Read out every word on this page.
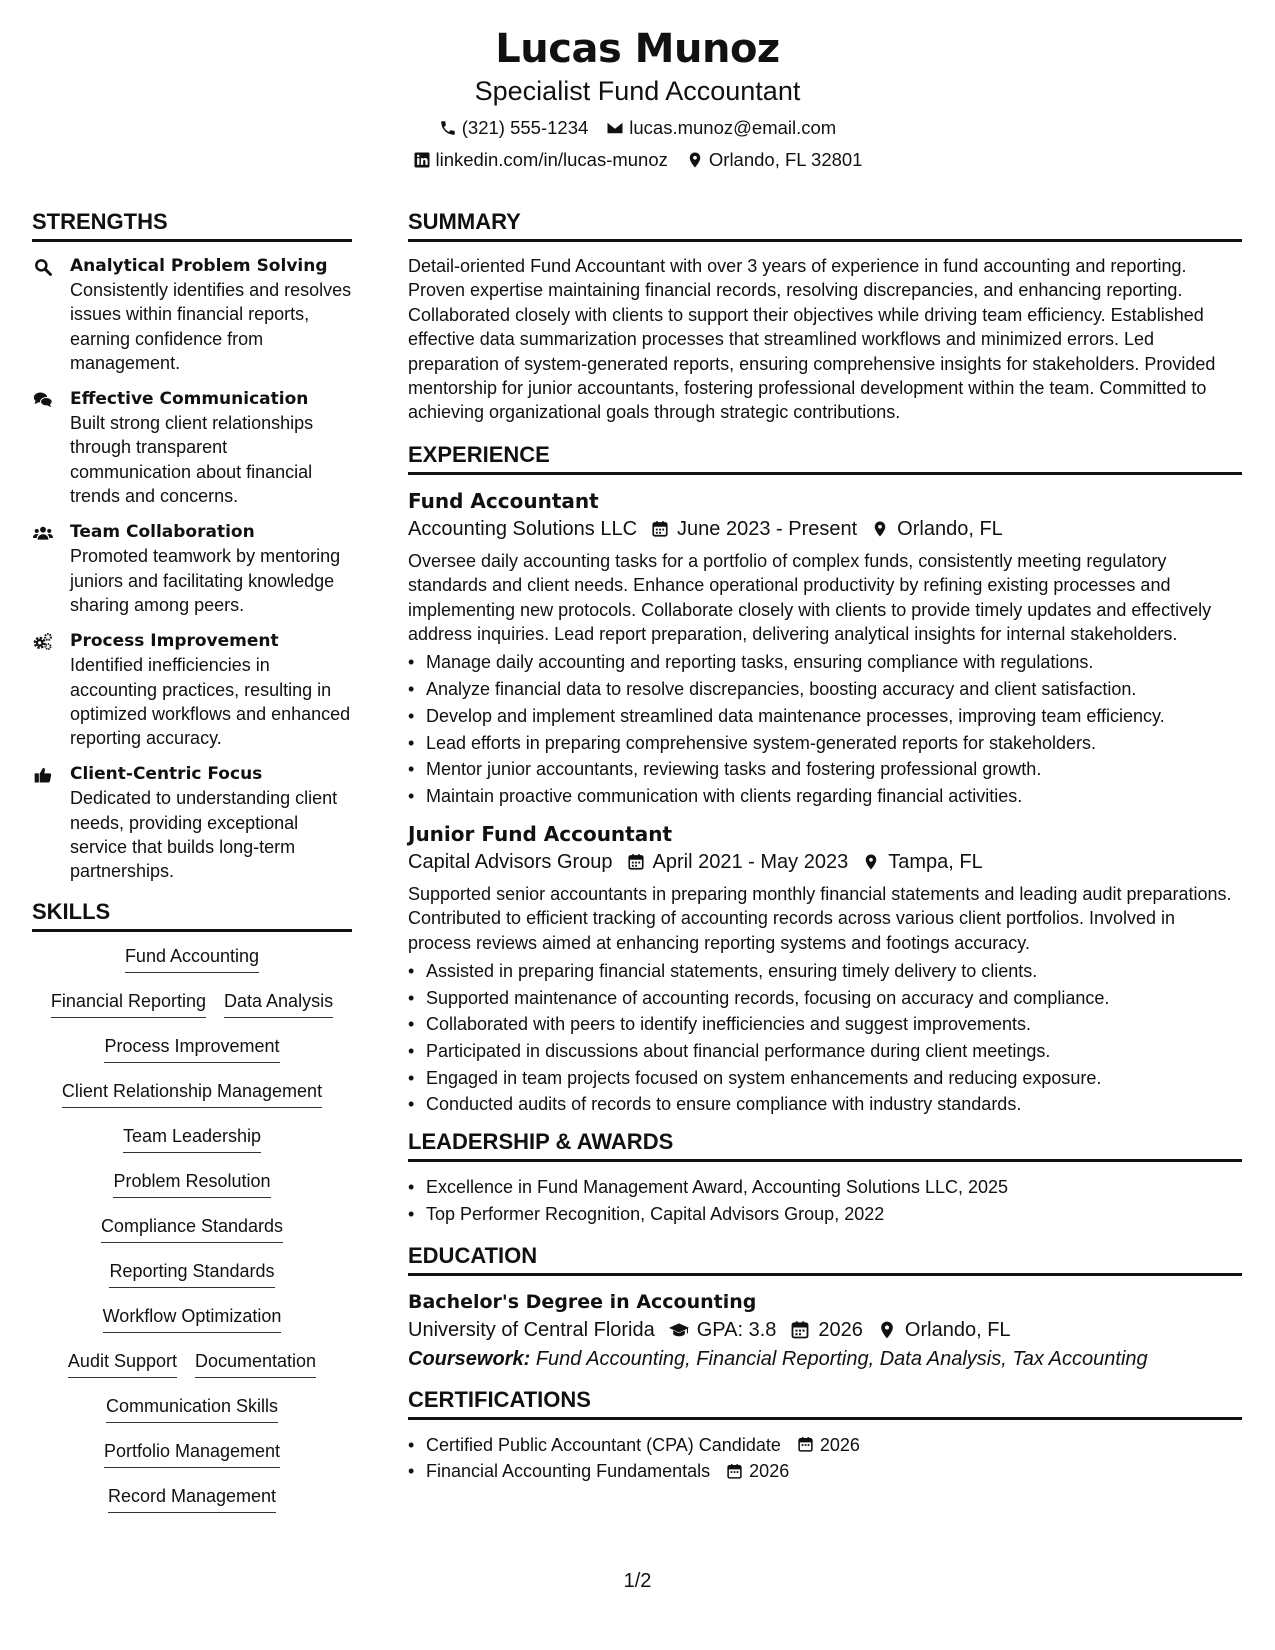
Lucas Munoz
Specialist Fund Accountant
(321) 555-1234 lucas.munoz@email.com
linkedin.com/in/lucas-munoz Orlando, FL 32801
STRENGTHS
Analytical Problem Solving
Consistently identifies and resolves issues within financial reports, earning confidence from management.
Effective Communication
Built strong client relationships through transparent communication about financial trends and concerns.
Team Collaboration
Promoted teamwork by mentoring juniors and facilitating knowledge sharing among peers.
Process Improvement
Identified inefficiencies in accounting practices, resulting in optimized workflows and enhanced reporting accuracy.
Client-Centric Focus
Dedicated to understanding client needs, providing exceptional service that builds long-term partnerships.
SKILLS
Fund Accounting
Financial Reporting Data Analysis
Process Improvement
Client Relationship Management
Team Leadership
Problem Resolution
Compliance Standards
Reporting Standards
Workflow Optimization
Audit Support Documentation
Communication Skills
Portfolio Management
Record Management
SUMMARY
Detail-oriented Fund Accountant with over 3 years of experience in fund accounting and reporting. Proven expertise maintaining financial records, resolving discrepancies, and enhancing reporting. Collaborated closely with clients to support their objectives while driving team efficiency. Established effective data summarization processes that streamlined workflows and minimized errors. Led preparation of system-generated reports, ensuring comprehensive insights for stakeholders. Provided mentorship for junior accountants, fostering professional development within the team. Committed to achieving organizational goals through strategic contributions.
EXPERIENCE
Fund Accountant
Accounting Solutions LLC June 2023 - Present Orlando, FL
Oversee daily accounting tasks for a portfolio of complex funds, consistently meeting regulatory standards and client needs. Enhance operational productivity by refining existing processes and implementing new protocols. Collaborate closely with clients to provide timely updates and effectively address inquiries. Lead report preparation, delivering analytical insights for internal stakeholders.
• Manage daily accounting and reporting tasks, ensuring compliance with regulations.
• Analyze financial data to resolve discrepancies, boosting accuracy and client satisfaction.
• Develop and implement streamlined data maintenance processes, improving team efficiency.
• Lead efforts in preparing comprehensive system-generated reports for stakeholders.
• Mentor junior accountants, reviewing tasks and fostering professional growth.
• Maintain proactive communication with clients regarding financial activities.
Junior Fund Accountant
Capital Advisors Group April 2021 - May 2023 Tampa, FL
Supported senior accountants in preparing monthly financial statements and leading audit preparations. Contributed to efficient tracking of accounting records across various client portfolios. Involved in process reviews aimed at enhancing reporting systems and footings accuracy.
• Assisted in preparing financial statements, ensuring timely delivery to clients.
• Supported maintenance of accounting records, focusing on accuracy and compliance.
• Collaborated with peers to identify inefficiencies and suggest improvements.
• Participated in discussions about financial performance during client meetings.
• Engaged in team projects focused on system enhancements and reducing exposure.
• Conducted audits of records to ensure compliance with industry standards.
LEADERSHIP & AWARDS
• Excellence in Fund Management Award, Accounting Solutions LLC, 2025
• Top Performer Recognition, Capital Advisors Group, 2022
EDUCATION
Bachelor's Degree in Accounting
University of Central Florida GPA: 3.8 2026 Orlando, FL
Coursework: Fund Accounting, Financial Reporting, Data Analysis, Tax Accounting
CERTIFICATIONS
• Certified Public Accountant (CPA) Candidate 2026
• Financial Accounting Fundamentals 2026
1/2
